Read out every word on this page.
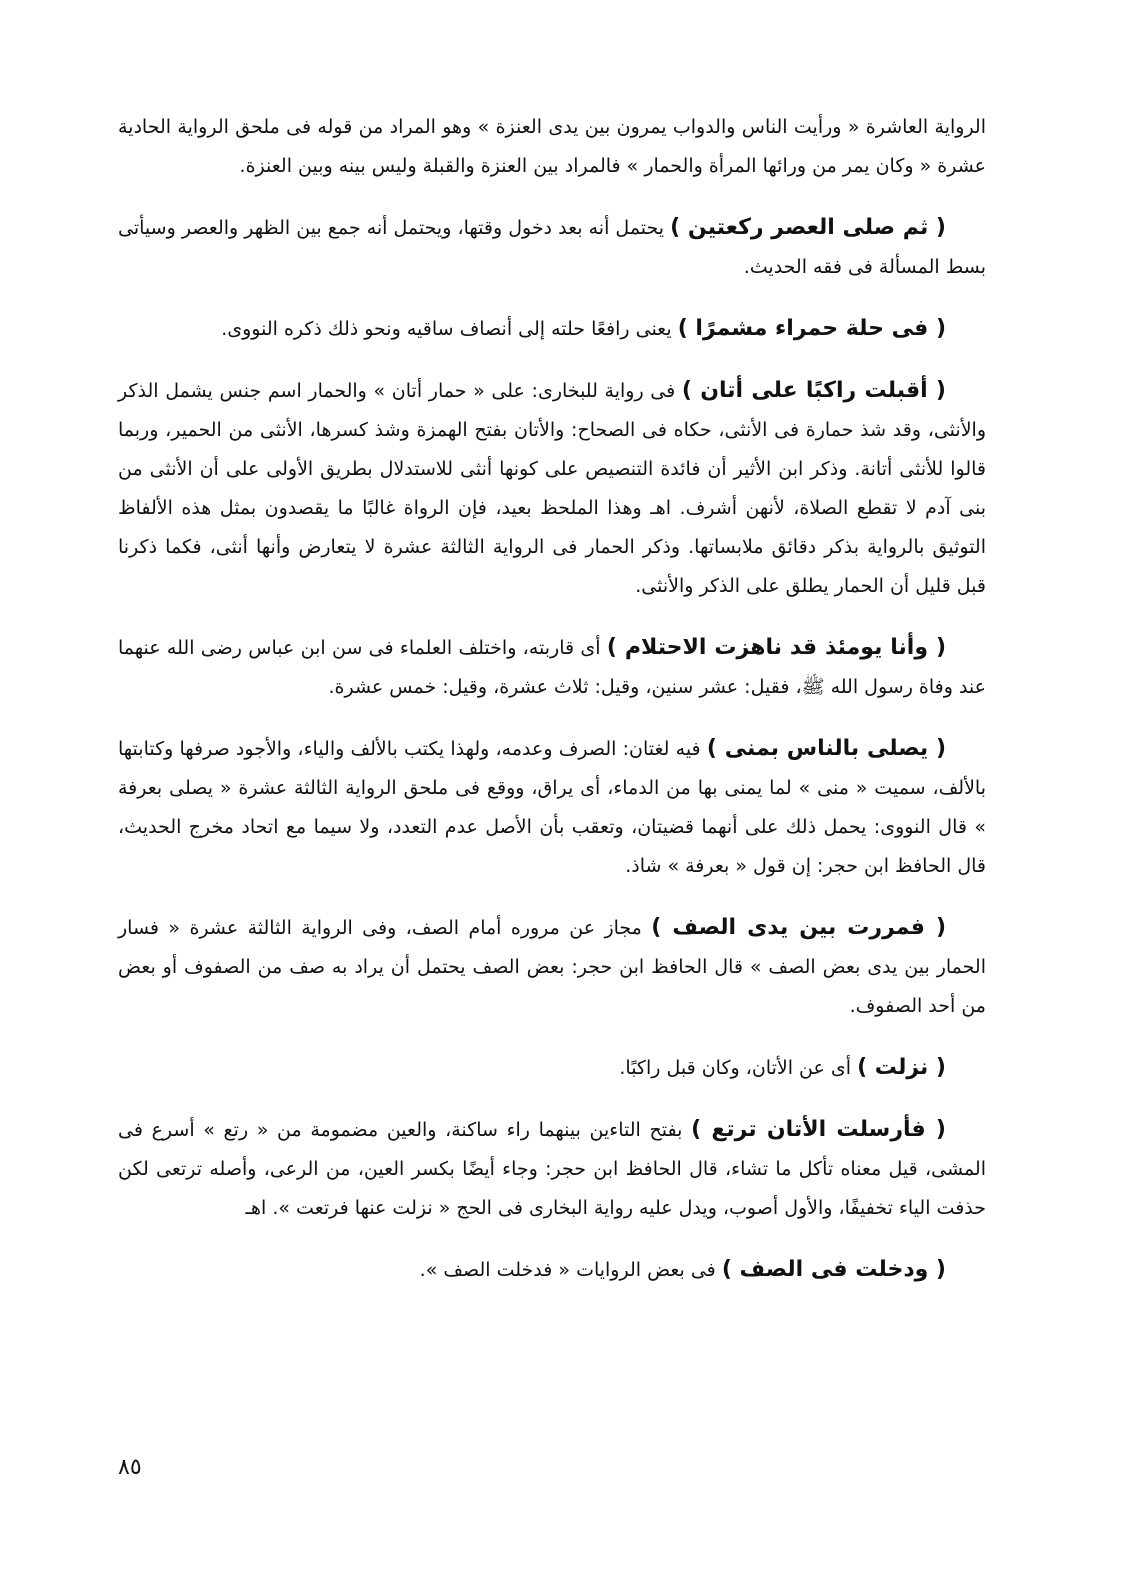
الرواية العاشرة « ورأيت الناس والدواب يمرون بين يدى العنزة » وهو المراد من قوله فى ملحق الرواية الحادية عشرة « وكان يمر من ورائها المرأة والحمار » فالمراد بين العنزة والقبلة وليس بينه وبين العنزة.

( ثم صلى العصر ركعتين ) يحتمل أنه بعد دخول وقتها، ويحتمل أنه جمع بين الظهر والعصر وسيأتى بسط المسألة فى فقه الحديث.

( فى حلة حمراء مشمرًا ) يعنى رافعًا حلته إلى أنصاف ساقيه ونحو ذلك ذكره النووى.

( أقبلت راكبًا على أتان ) فى رواية للبخارى: على « حمار أتان » والحمار اسم جنس يشمل الذكر والأنثى، وقد شذ حمارة فى الأنثى، حكاه فى الصحاح: والأتان بفتح الهمزة وشذ كسرها، الأنثى من الحمير، وربما قالوا للأنثى أتانة. وذكر ابن الأثير أن فائدة التنصيص على كونها أنثى للاستدلال بطريق الأولى على أن الأنثى من بنى آدم لا تقطع الصلاة، لأنهن أشرف. اهـ وهذا الملحظ بعيد، فإن الرواة غالبًا ما يقصدون بمثل هذه الألفاظ التوثيق بالرواية بذكر دقائق ملابساتها. وذكر الحمار فى الرواية الثالثة عشرة لا يتعارض وأنها أنثى، فكما ذكرنا قبل قليل أن الحمار يطلق على الذكر والأنثى.

( وأنا يومئذ قد ناهزت الاحتلام ) أى قاربته، واختلف العلماء فى سن ابن عباس رضى الله عنهما عند وفاة رسول الله ﷺ، فقيل: عشر سنين، وقيل: ثلاث عشرة، وقيل: خمس عشرة.

( يصلى بالناس بمنى ) فيه لغتان: الصرف وعدمه، ولهذا يكتب بالألف والياء، والأجود صرفها وكتابتها بالألف، سميت « منى » لما يمنى بها من الدماء، أى يراق، ووقع فى ملحق الرواية الثالثة عشرة « يصلى بعرفة » قال النووى: يحمل ذلك على أنهما قضيتان، وتعقب بأن الأصل عدم التعدد، ولا سيما مع اتحاد مخرج الحديث، قال الحافظ ابن حجر: إن قول « بعرفة » شاذ.

( فمررت بين يدى الصف ) مجاز عن مروره أمام الصف، وفى الرواية الثالثة عشرة « فسار الحمار بين يدى بعض الصف » قال الحافظ ابن حجر: بعض الصف يحتمل أن يراد به صف من الصفوف أو بعض من أحد الصفوف.

( نزلت ) أى عن الأتان، وكان قبل راكبًا.

( فأرسلت الأتان ترتع ) بفتح التاءين بينهما راء ساكنة، والعين مضمومة من « رتع » أسرع فى المشى، قيل معناه تأكل ما تشاء، قال الحافظ ابن حجر: وجاء أيضًا بكسر العين، من الرعى، وأصله ترتعى لكن حذفت الياء تخفيفًا، والأول أصوب، ويدل عليه رواية البخارى فى الحج « نزلت عنها فرتعت ». اهـ

( ودخلت فى الصف ) فى بعض الروايات « فدخلت الصف ».

٨٥
